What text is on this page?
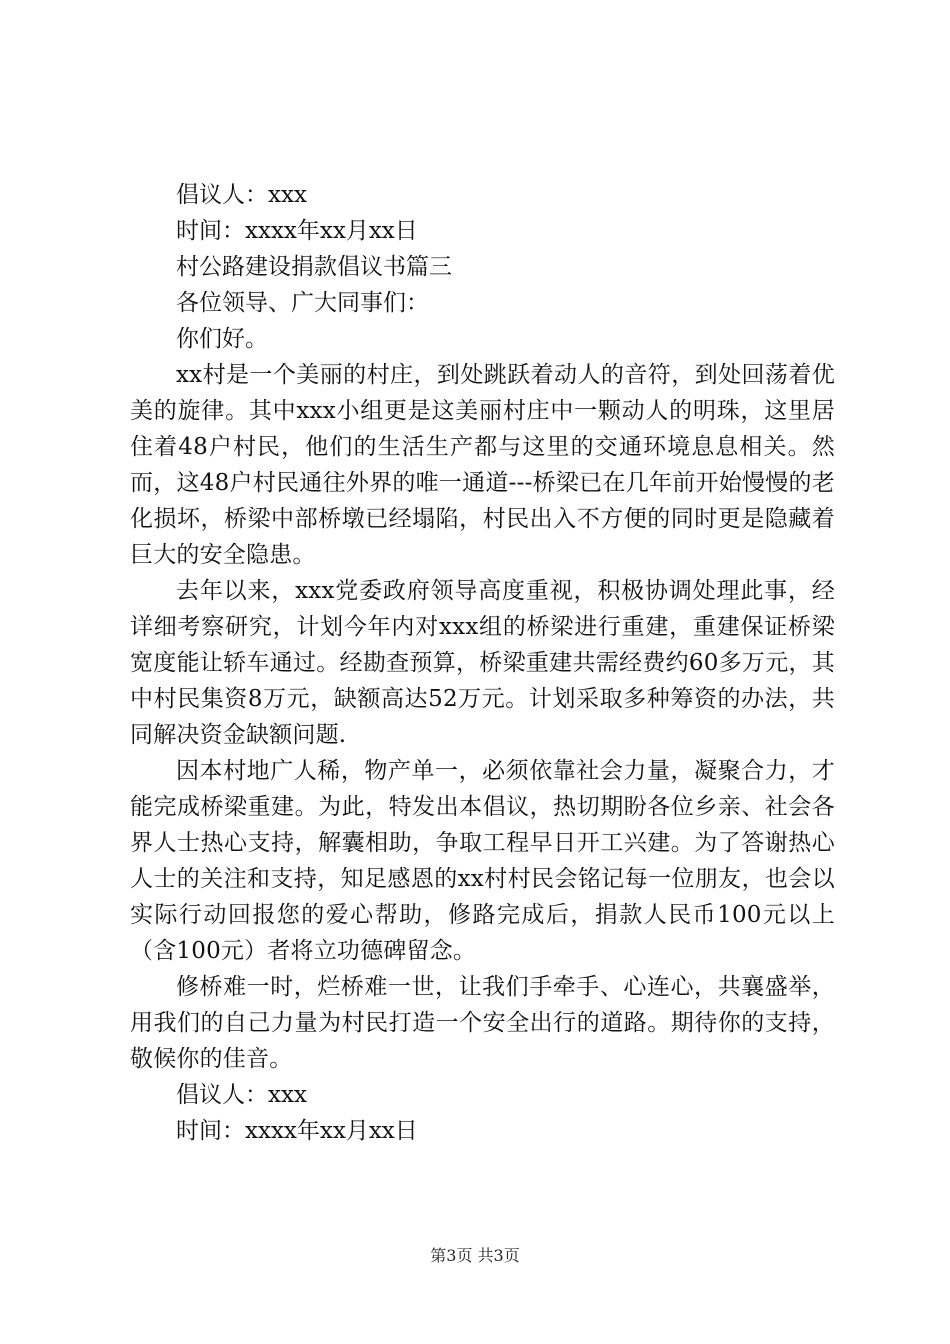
倡议人：xxx

时间：xxxx年xx月xx日

村公路建设捐款倡议书篇三

各位领导、广大同事们：

你们好。

xx村是一个美丽的村庄，到处跳跃着动人的音符，到处回荡着优美的旋律。其中xxx小组更是这美丽村庄中一颗动人的明珠，这里居住着48户村民，他们的生活生产都与这里的交通环境息息相关。然而，这48户村民通往外界的唯一通道---桥梁已在几年前开始慢慢的老化损坏，桥梁中部桥墩已经塌陷，村民出入不方便的同时更是隐藏着巨大的安全隐患。

去年以来，xxx党委政府领导高度重视，积极协调处理此事，经详细考察研究，计划今年内对xxx组的桥梁进行重建，重建保证桥梁宽度能让轿车通过。经勘查预算，桥梁重建共需经费约60多万元，其中村民集资8万元，缺额高达52万元。计划采取多种筹资的办法，共同解决资金缺额问题.

因本村地广人稀，物产单一，必须依靠社会力量，凝聚合力，才能完成桥梁重建。为此，特发出本倡议，热切期盼各位乡亲、社会各界人士热心支持，解囊相助，争取工程早日开工兴建。为了答谢热心人士的关注和支持，知足感恩的xx村村民会铭记每一位朋友，也会以实际行动回报您的爱心帮助，修路完成后，捐款人民币100元以上（含100元）者将立功德碑留念。

修桥难一时，烂桥难一世，让我们手牵手、心连心，共襄盛举，用我们的自己力量为村民打造一个安全出行的道路。期待你的支持，敬候你的佳音。

倡议人：xxx

时间：xxxx年xx月xx日

第3页 共3页
